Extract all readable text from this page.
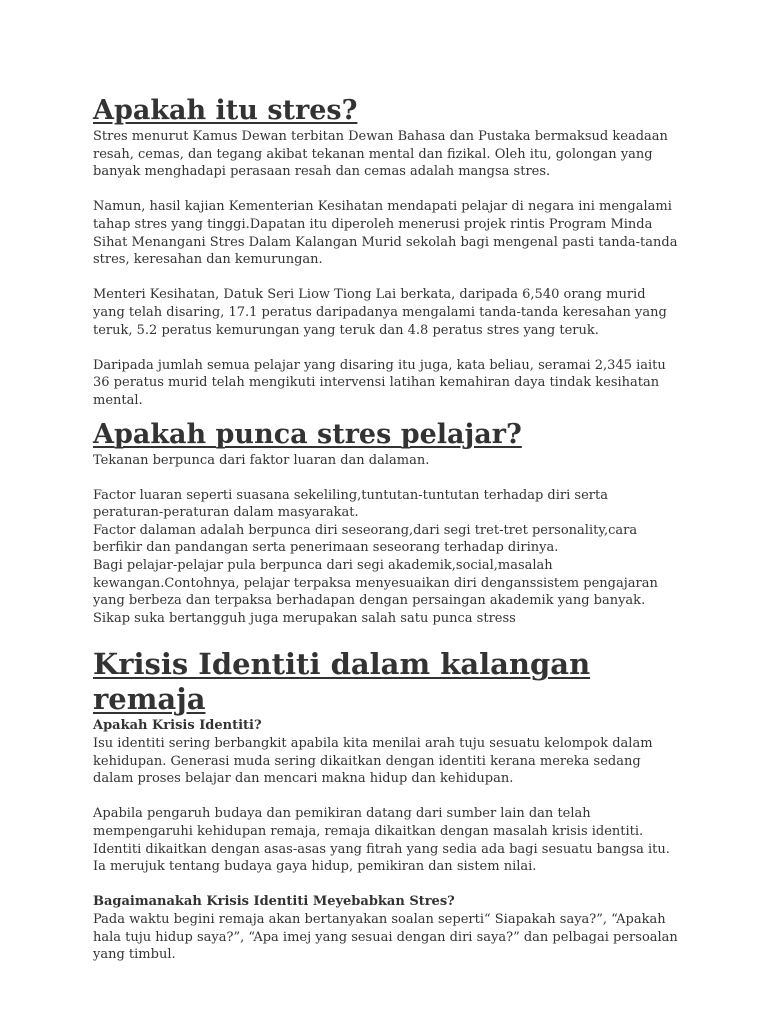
Apakah itu stres?

Stres menurut Kamus Dewan terbitan Dewan Bahasa dan Pustaka bermaksud keadaan resah, cemas, dan tegang akibat tekanan mental dan fizikal. Oleh itu, golongan yang banyak menghadapi perasaan resah dan cemas adalah mangsa stres.

Namun, hasil kajian Kementerian Kesihatan mendapati pelajar di negara ini mengalami tahap stres yang tinggi.Dapatan itu diperoleh menerusi projek rintis Program Minda Sihat Menangani Stres Dalam Kalangan Murid sekolah bagi mengenal pasti tanda-tanda stres, keresahan dan kemurungan.

Menteri Kesihatan, Datuk Seri Liow Tiong Lai berkata, daripada 6,540 orang murid yang telah disaring, 17.1 peratus daripadanya mengalami tanda-tanda keresahan yang teruk, 5.2 peratus kemurungan yang teruk dan 4.8 peratus stres yang teruk.

Daripada jumlah semua pelajar yang disaring itu juga, kata beliau, seramai 2,345 iaitu 36 peratus murid telah mengikuti intervensi latihan kemahiran daya tindak kesihatan mental.

Apakah punca stres pelajar?

Tekanan berpunca dari faktor luaran dan dalaman.

Factor luaran seperti suasana sekeliling,tuntutan-tuntutan terhadap diri serta peraturan-peraturan dalam masyarakat.

Factor dalaman adalah berpunca diri seseorang,dari segi tret-tret personality,cara berfikir dan pandangan serta penerimaan seseorang terhadap dirinya.

Bagi pelajar-pelajar pula berpunca dari segi akademik,social,masalah kewangan.Contohnya, pelajar terpaksa menyesuaikan diri denganssistem pengajaran yang berbeza dan terpaksa berhadapan dengan persaingan akademik yang banyak.

Sikap suka bertangguh juga merupakan salah satu punca stress

Krisis Identiti dalam kalangan remaja
Apakah Krisis Identiti?

Isu identiti sering berbangkit apabila kita menilai arah tuju sesuatu kelompok dalam kehidupan. Generasi muda sering dikaitkan dengan identiti kerana mereka sedang dalam proses belajar dan mencari makna hidup dan kehidupan.

Apabila pengaruh budaya dan pemikiran datang dari sumber lain dan telah mempengaruhi kehidupan remaja, remaja dikaitkan dengan masalah krisis identiti. Identiti dikaitkan dengan asas-asas yang fitrah yang sedia ada bagi sesuatu bangsa itu. Ia merujuk tentang budaya gaya hidup, pemikiran dan sistem nilai.

Bagaimanakah Krisis Identiti Meyebabkan Stres?

Pada waktu begini remaja akan bertanyakan soalan seperti“ Siapakah saya?”, “Apakah hala tuju hidup saya?”, “Apa imej yang sesuai dengan diri saya?” dan pelbagai persoalan yang timbul.
